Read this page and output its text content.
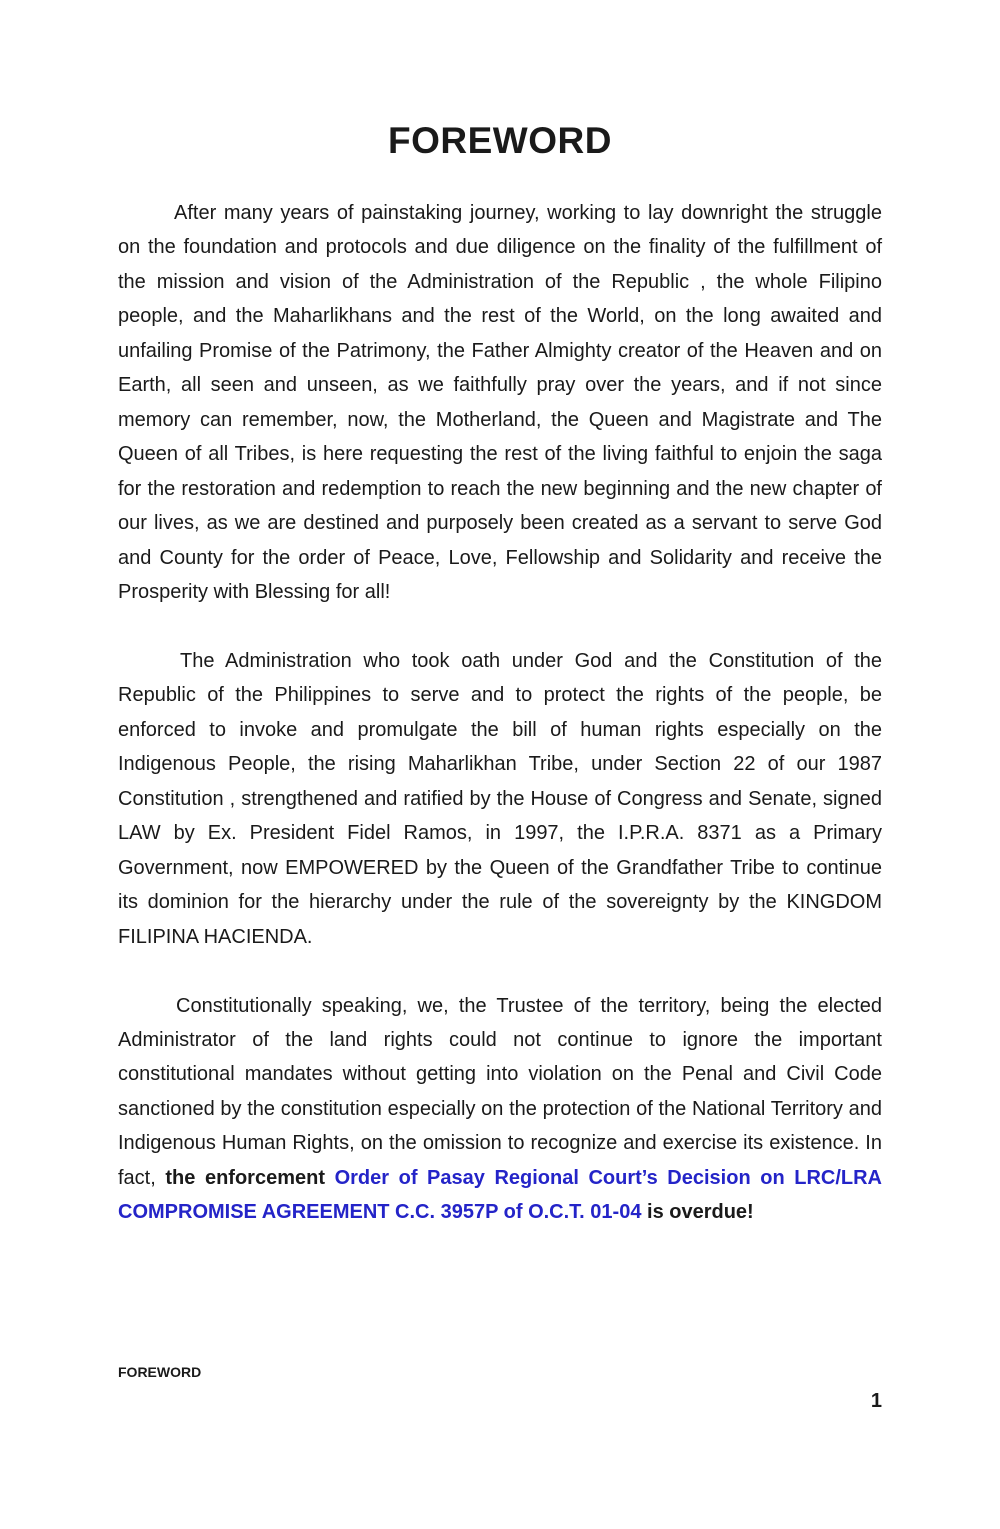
FOREWORD

After many years of painstaking journey, working to lay downright the struggle on the foundation and protocols and due diligence on the finality of the fulfillment of the mission and vision of the Administration of the Republic , the whole Filipino people, and the Maharlikhans and the rest of the World, on the long awaited and unfailing Promise of the Patrimony, the Father Almighty creator of the Heaven and on Earth, all seen and unseen, as we faithfully pray over the years, and if not since memory can remember, now, the Motherland, the Queen and Magistrate and The Queen of all Tribes, is here requesting the rest of the living faithful to enjoin the saga for the restoration and redemption to reach the new beginning and the new chapter of our lives, as we are destined and purposely been created as a servant to serve God and County for the order of Peace, Love, Fellowship and Solidarity and receive the Prosperity with Blessing for all!

The Administration who took oath under God and the Constitution of the Republic of the Philippines to serve and to protect the rights of the people, be enforced to invoke and promulgate the bill of human rights especially on the Indigenous People, the rising Maharlikhan Tribe, under Section 22 of our 1987 Constitution , strengthened and ratified by the House of Congress and Senate, signed LAW by Ex. President Fidel Ramos, in 1997, the I.P.R.A. 8371 as a Primary Government, now EMPOWERED by the Queen of the Grandfather Tribe to continue its dominion for the hierarchy under the rule of the sovereignty by the KINGDOM FILIPINA HACIENDA.

Constitutionally speaking, we, the Trustee of the territory, being the elected Administrator of the land rights could not continue to ignore the important constitutional mandates without getting into violation on the Penal and Civil Code sanctioned by the constitution especially on the protection of the National Territory and Indigenous Human Rights, on the omission to recognize and exercise its existence. In fact, the enforcement Order of Pasay Regional Court’s Decision on LRC/LRA COMPROMISE AGREEMENT C.C. 3957P of O.C.T. 01-04 is overdue!

FOREWORD

1
